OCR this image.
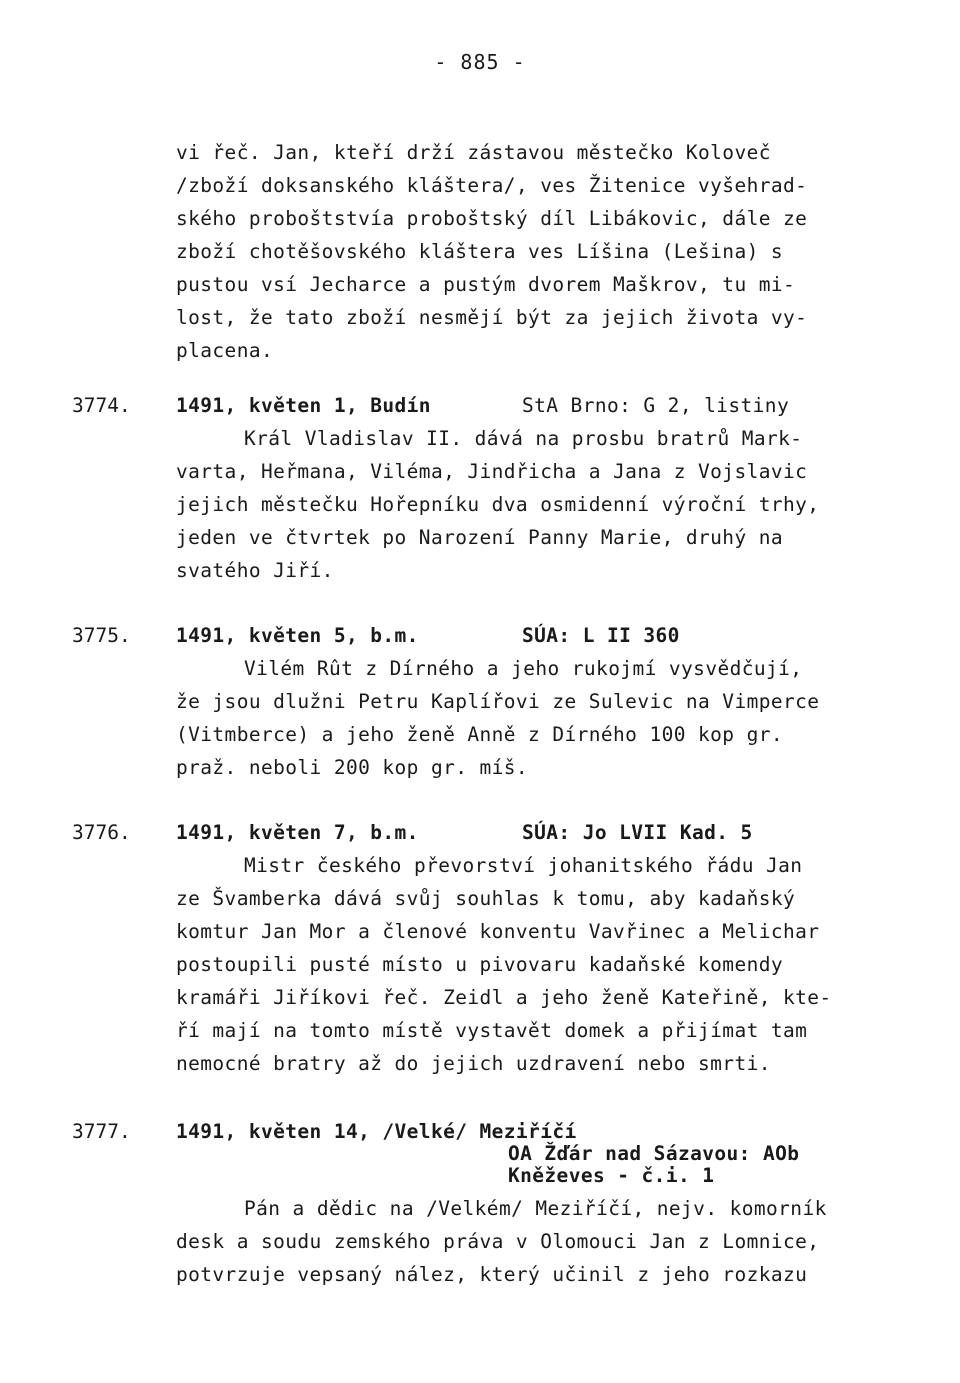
- 885 -
vi řeč. Jan, kteří drží zástavou městečko Koloveč
/zboží doksanského kláštera/, ves Žitenice vyšehrad-
ského proboštstvía proboštský díl Libákovic, dále ze
zboží chotěšovského kláštera ves Líšina (Lešina) s
pustou vsí Jecharce a pustým dvorem Maškrov, tu mi-
lost, že tato zboží nesmějí být za jejich života vy-
placena.
3774. 1491, květen 1, Budín	StA Brno: G 2, listiny
Král Vladislav II. dává na prosbu bratrů Mark-
varta, Heřmana, Viléma, Jindřicha a Jana z Vojslavic
jejich městečku Hořepníku dva osmidenní výroční trhy,
jeden ve čtvrtek po Narození Panny Marie, druhý na
svatého Jiří.
3775. 1491, květen 5, b.m.	SÚA: L II 360
Vilém Rût z Dírného a jeho rukojmí vysvědčují,
že jsou dlužni Petru Kaplířovi ze Sulevic na Vimperce
(Vitmberce) a jeho ženě Anně z Dírného 100 kop gr.
praž. neboli 200 kop gr. míš.
3776. 1491, květen 7, b.m.	SÚA: Jo LVII Kad. 5
Mistr českého převorství johanitského řádu Jan
ze Švamberka dává svůj souhlas k tomu, aby kadaňský
komtur Jan Mor a členové konventu Vavřinec a Melichar
postoupili pusté místo u pivovaru kadaňské komendy
kramáři Jiříkovi řeč. Zeidl a jeho ženě Kateřině, kte-
ří mají na tomto místě vystavět domek a přijímat tam
nemocné bratry až do jejich uzdravení nebo smrti.
3777. 1491, květen 14, /Velké/ Meziříčí
OA Žďár nad Sázavou: AOb
Kněževes - č.i. 1
Pán a dědic na /Velkém/ Meziříčí, nejv. komorník
desk a soudu zemského práva v Olomouci Jan z Lomnice,
potvrzuje vepsaný nález, který učinil z jeho rozkazu
